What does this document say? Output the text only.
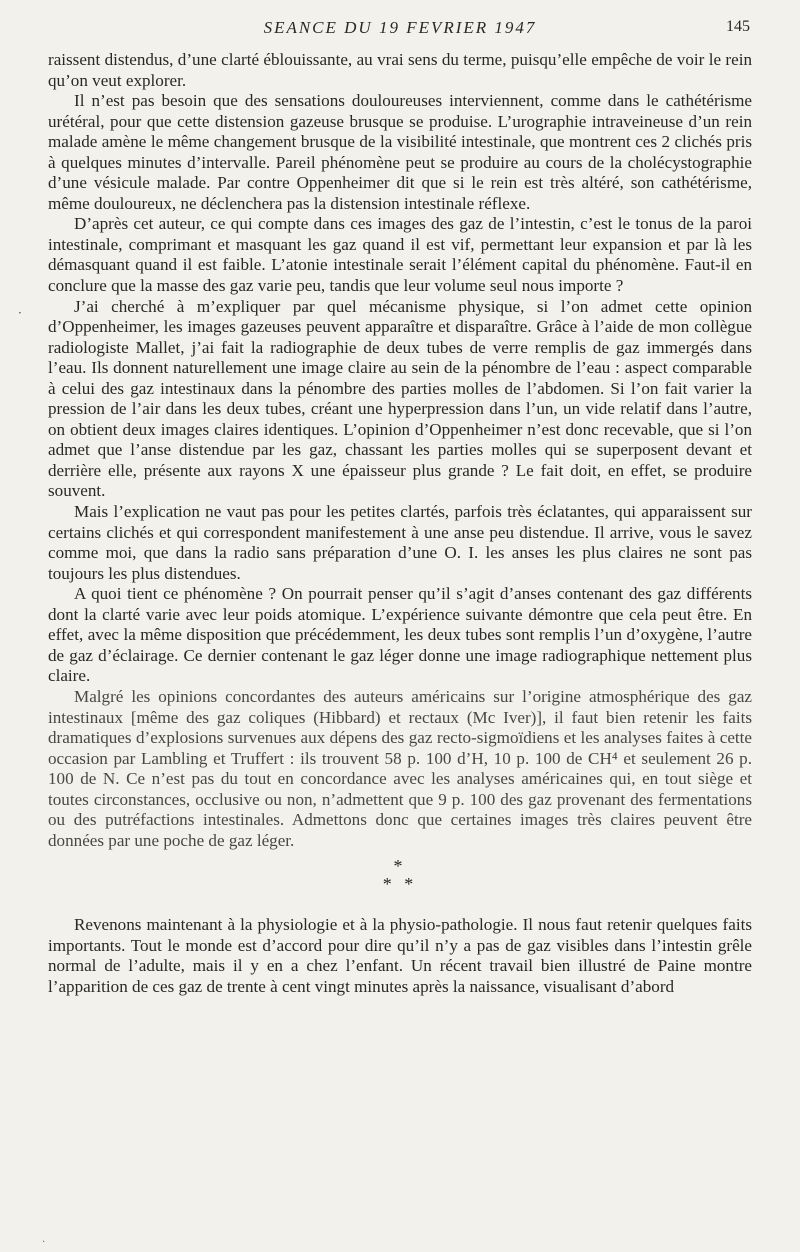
SEANCE DU 19 FEVRIER 1947	145
·

raissent distendus, d’une clarté éblouissante, au vrai sens du terme, puisqu’elle empêche de voir le rein qu’on veut explorer.

Il n’est pas besoin que des sensations douloureuses interviennent, comme dans le cathétérisme urétéral, pour que cette distension gazeuse brusque se produise. L’urographie intraveineuse d’un rein malade amène le même changement brusque de la visibilité intestinale, que montrent ces 2 clichés pris à quelques minutes d’intervalle. Pareil phénomène peut se produire au cours de la cholécystographie d’une vésicule malade. Par contre Oppenheimer dit que si le rein est très altéré, son cathétérisme, même douloureux, ne déclenchera pas la distension intestinale réflexe.

D’après cet auteur, ce qui compte dans ces images des gaz de l’intestin, c’est le tonus de la paroi intestinale, comprimant et masquant les gaz quand il est vif, permettant leur expansion et par là les démasquant quand il est faible. L’atonie intestinale serait l’élément capital du phénomène. Faut-il en conclure que la masse des gaz varie peu, tandis que leur volume seul nous importe ?

J’ai cherché à m’expliquer par quel mécanisme physique, si l’on admet cette opinion d’Oppenheimer, les images gazeuses peuvent apparaître et disparaître. Grâce à l’aide de mon collègue radiologiste Mallet, j’ai fait la radiographie de deux tubes de verre remplis de gaz immergés dans l’eau. Ils donnent naturellement une image claire au sein de la pénombre de l’eau : aspect comparable à celui des gaz intestinaux dans la pénombre des parties molles de l’abdomen. Si l’on fait varier la pression de l’air dans les deux tubes, créant une hyperpression dans l’un, un vide relatif dans l’autre, on obtient deux images claires identiques. L’opinion d’Oppenheimer n’est donc recevable, que si l’on admet que l’anse distendue par les gaz, chassant les parties molles qui se superposent devant et derrière elle, présente aux rayons X une épaisseur plus grande ? Le fait doit, en effet, se produire souvent.

Mais l’explication ne vaut pas pour les petites clartés, parfois très éclatantes, qui apparaissent sur certains clichés et qui correspondent manifestement à une anse peu distendue. Il arrive, vous le savez comme moi, que dans la radio sans préparation d’une O. I. les anses les plus claires ne sont pas toujours les plus distendues.

A quoi tient ce phénomène ? On pourrait penser qu’il s’agit d’anses contenant des gaz différents dont la clarté varie avec leur poids atomique. L’expérience suivante démontre que cela peut être. En effet, avec la même disposition que précédemment, les deux tubes sont remplis l’un d’oxygène, l’autre de gaz d’éclairage. Ce dernier contenant le gaz léger donne une image radiographique nettement plus claire.

Malgré les opinions concordantes des auteurs américains sur l’origine atmosphérique des gaz intestinaux [même des gaz coliques (Hibbard) et rectaux (Mc Iver)], il faut bien retenir les faits dramatiques d’explosions survenues aux dépens des gaz recto-sigmoïdiens et les analyses faites à cette occasion par Lambling et Truffert : ils trouvent 58 p. 100 d’H, 10 p. 100 de CH⁴ et seulement 26 p. 100 de N. Ce n’est pas du tout en concordance avec les analyses américaines qui, en tout siège et toutes circonstances, occlusive ou non, n’admettent que 9 p. 100 des gaz provenant des fermentations ou des putréfactions intestinales. Admettons donc que certaines images très claires peuvent être données par une poche de gaz léger.

*
* *

Revenons maintenant à la physiologie et à la physio-pathologie. Il nous faut retenir quelques faits importants. Tout le monde est d’accord pour dire qu’il n’y a pas de gaz visibles dans l’intestin grêle normal de l’adulte, mais il y en a chez l’enfant. Un récent travail bien illustré de Paine montre l’apparition de ces gaz de trente à cent vingt minutes après la naissance, visualisant d’abord

·
